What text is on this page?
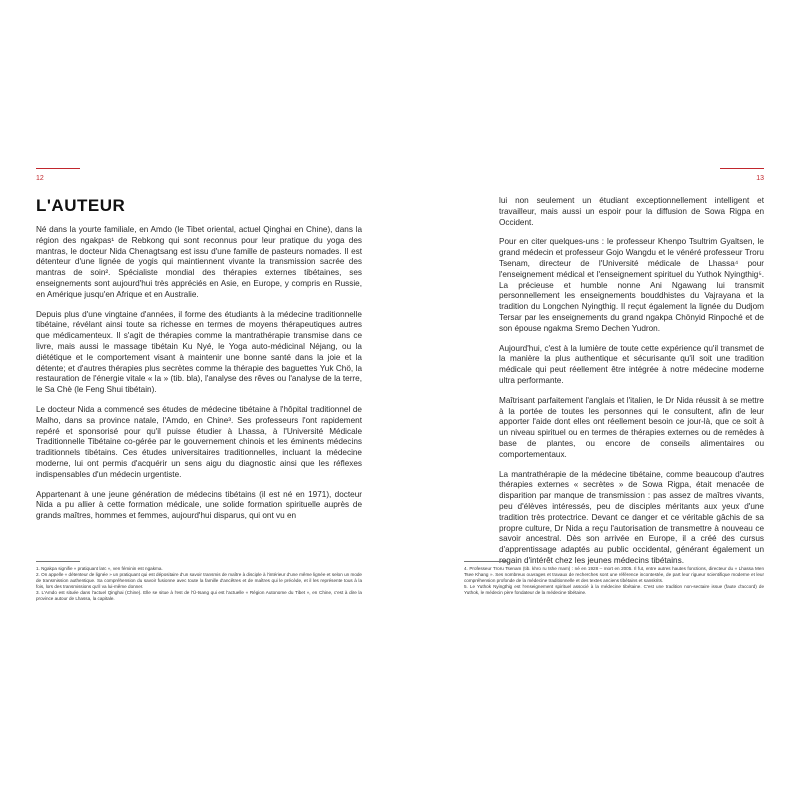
12
L'AUTEUR

Né dans la yourte familiale, en Amdo (le Tibet oriental, actuel Qinghai en Chine), dans la région des ngakpas¹ de Rebkong qui sont reconnus pour leur pratique du yoga des mantras, le docteur Nida Chenagtsang est issu d'une famille de pasteurs nomades. Il est détenteur d'une lignée de yogis qui maintiennent vivante la transmission sacrée des mantras de soin². Spécialiste mondial des thérapies externes tibétaines, ses enseignements sont aujourd'hui très appréciés en Asie, en Europe, y compris en Russie, en Amérique jusqu'en Afrique et en Australie.

Depuis plus d'une vingtaine d'années, il forme des étudiants à la médecine traditionnelle tibétaine, révélant ainsi toute sa richesse en termes de moyens thérapeutiques autres que médicamenteux. Il s'agit de thérapies comme la mantrathérapie transmise dans ce livre, mais aussi le massage tibétain Ku Nyé, le Yoga auto-médicinal Néjang, ou la diététique et le comportement visant à maintenir une bonne santé dans la joie et la détente; et d'autres thérapies plus secrètes comme la thérapie des baguettes Yuk Chö, la restauration de l'énergie vitale « la » (tib. bla), l'analyse des rêves ou l'analyse de la terre, le Sa Chè (le Feng Shui tibétain).

Le docteur Nida a commencé ses études de médecine tibétaine à l'hôpital traditionnel de Malho, dans sa province natale, l'Amdo, en Chine³. Ses professeurs l'ont rapidement repéré et sponsorisé pour qu'il puisse étudier à Lhassa, à l'Université Médicale Traditionnelle Tibétaine co-gérée par le gouvernement chinois et les éminents médecins traditionnels tibétains. Ces études universitaires traditionnelles, incluant la médecine moderne, lui ont permis d'acquérir un sens aigu du diagnostic ainsi que les réflexes indispensables d'un médecin urgentiste.

Appartenant à une jeune génération de médecins tibétains (il est né en 1971), docteur Nida a pu allier à cette formation médicale, une solide formation spirituelle auprès de grands maîtres, hommes et femmes, aujourd'hui disparus, qui ont vu en

1. Ngakpa signifie « pratiquant laïc », ven féminin est ngakma.

2. On appelle « détenteur de lignée » un pratiquant qui est dépositaire d'un savoir transmis de maître à disciple à l'intérieur d'une même lignée et selon un mode de transmission authentique. Sa compréhension du savoir fusionne avec toute la famille d'ancêtres et de maîtres qui le précède, et il les représente tous à la fois, lors des transmissions qu'il va lui-même donner.

3. L'Amdo est située dans l'actuel Qinghai (Chine). Elle se situe à l'est de l'Ü-tsang qui est l'actuelle « Région Autonome du Tibet », en Chine, c'est à dire la province autour de Lhassa, la capitale.

13

lui non seulement un étudiant exceptionnellement intelligent et travailleur, mais aussi un espoir pour la diffusion de Sowa Rigpa en Occident.

Pour en citer quelques-uns : le professeur Khenpo Tsultrim Gyaltsen, le grand médecin et professeur Gojo Wangdu et le vénéré professeur Troru Tsenam, directeur de l'Université médicale de Lhassa⁴ pour l'enseignement médical et l'enseignement spirituel du Yuthok Nyingthig⁵. La précieuse et humble nonne Ani Ngawang lui transmit personnellement les enseignements bouddhistes du Vajrayana et la tradition du Longchen Nyingthig. Il reçut également la lignée du Dudjom Tersar par les enseignements du grand ngakpa Chönyid Rinpoché et de son épouse ngakma Sremo Dechen Yudron.

Aujourd'hui, c'est à la lumière de toute cette expérience qu'il transmet de la manière la plus authentique et sécurisante qu'il soit une tradition médicale qui peut réellement être intégrée à notre médecine moderne ultra performante.

Maîtrisant parfaitement l'anglais et l'italien, le Dr Nida réussit à se mettre à la portée de toutes les personnes qui le consultent, afin de leur apporter l'aide dont elles ont réellement besoin ce jour-là, que ce soit à un niveau spirituel ou en termes de thérapies externes ou de remèdes à base de plantes, ou encore de conseils alimentaires ou comportementaux.

La mantrathérapie de la médecine tibétaine, comme beaucoup d'autres thérapies externes « secrètes » de Sowa Rigpa, était menacée de disparition par manque de transmission : pas assez de maîtres vivants, peu d'élèves intéressés, peu de disciples méritants aux yeux d'une tradition très protectrice. Devant ce danger et ce véritable gâchis de sa propre culture, Dr Nida a reçu l'autorisation de transmettre à nouveau ce savoir ancestral. Dès son arrivée en Europe, il a créé des cursus d'apprentissage adaptés au public occidental, générant également un regain d'intérêt chez les jeunes médecins tibétains.

4. Professeur Troru Tsenam (tib. khro ru tshe rnam) : né en 1928 – mort en 2005. Il fut, entre autres hautes fonctions, directeur du « Lhassa Men Tsee Khang ». Ses nombreux ouvrages et travaux de recherches sont une référence incontestée, de part leur rigueur scientifique moderne et leur compréhension profonde de la médecine traditionnelle et des textes anciens tibétains et sanskrits.

5. Le Yuthok Nyingthig est l'enseignement spirituel associé à la médecine tibétaine. C'est une tradition non-sectaire issue (faute d'accord) de Yuthok, le médecin père fondateur de la médecine tibétaine.
